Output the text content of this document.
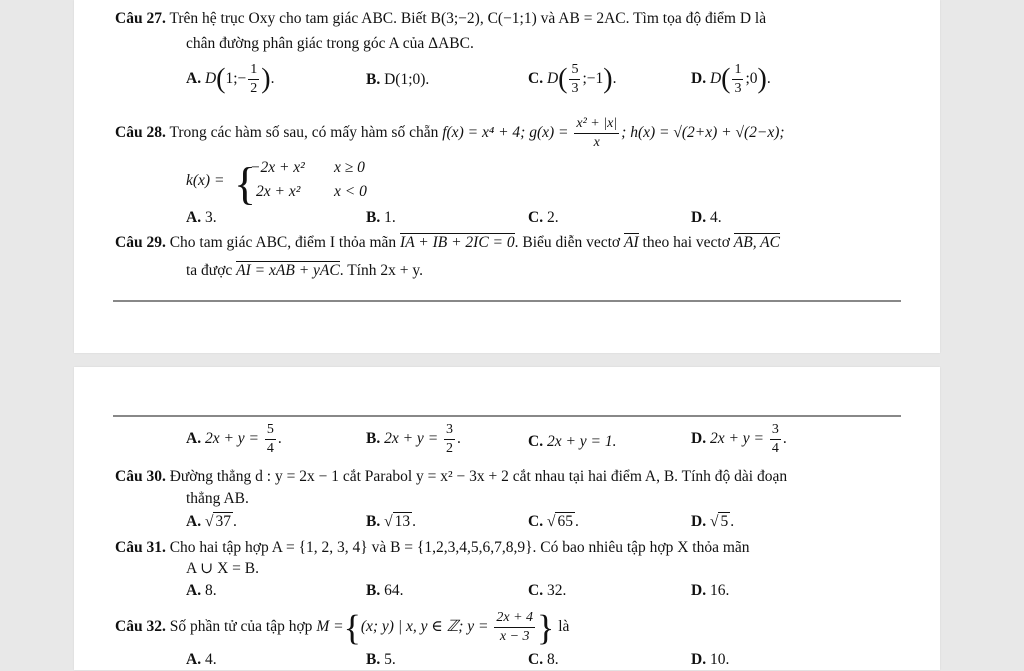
Câu 27. Trên hệ trục Oxy cho tam giác ABC. Biết B(3;−2), C(−1;1) và AB = 2AC. Tìm tọa độ điểm D là
chân đường phân giác trong góc A của ΔABC.
A. D(1;− $\frac{1}{2}$ ).	B. D(1;0).	C. $D( \frac{5}{3}$ ;−1).	D. $D( \frac{1}{3}$ ;0).
Câu 28. Trong các hàm số sau, có mấy hàm số chẵn f(x) = x⁴ + 4; $g(x) = \frac{\text{x² + |x|}}{x}$ ; h(x) = √(2+x) + √(2−x);
k(x) = {
−2x + x² x ≥ 0
2x + x² x < 0
A. 3.	B. 1.	C. 2.	D. 4.
Câu 29. Cho tam giác ABC, điểm I thỏa mãn IA + IB + 2IC = 0. Biểu diễn vectơ AI theo hai vectơ AB, AC
ta được AI = xAB + yAC. Tính 2x + y.
A. $2x + y = \frac{5}{4}$ .	B. $2x + y = \frac{3}{2}$ .	C. 2x + y = 1.	D. $2x + y = \frac{3}{4}$ .
Câu 30. Đường thẳng d : y = 2x − 1 cắt Parabol y = x² − 3x + 2 cắt nhau tại hai điểm A, B. Tính độ dài đoạn
thẳng AB.
A. √ 37 .	B. √ 13 .	C. √ 65 .	D. √ 5 .
Câu 31. Cho hai tập hợp A = {1, 2, 3, 4} và B = {1,2,3,4,5,6,7,8,9}. Có bao nhiêu tập hợp X thỏa mãn
A ∪ X = B.
A. 8.	B. 64.	C. 32.	D. 16.
Câu 32. Số phần tử của tập hợp M ={(x; y) | x, y ∈ ℤ; $y = \frac{2x + 4}{x - 3}$ } là
A. 4.	B. 5.	C. 8.	D. 10.
